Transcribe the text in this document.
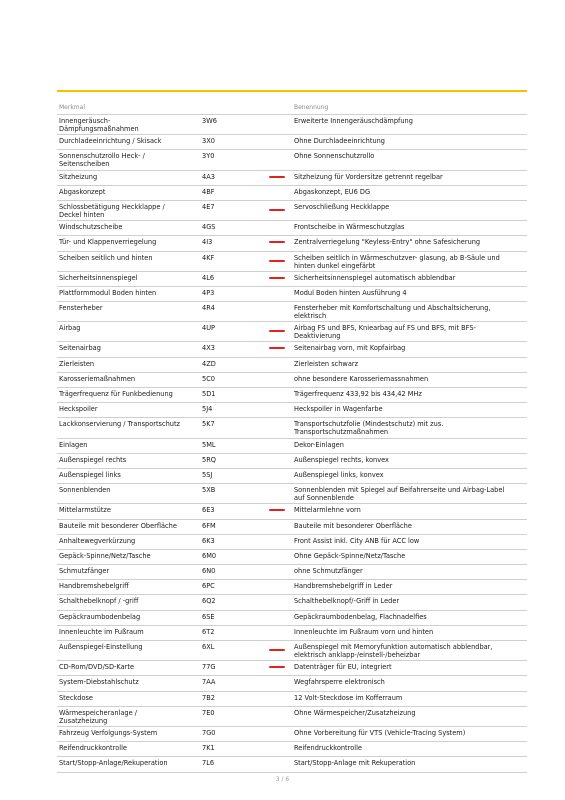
Merkmal	Benennung
Innengeräusch-
Dämpfungsmaßnahmen
3W6	Erweiterte Innengeräuschdämpfung
Durchladeeinrichtung / Skisack	3X0	Ohne Durchladeeinrichtung
Sonnenschutzrollo Heck- /
Seitenscheiben
3Y0	Ohne Sonnenschutzrollo
Sitzheizung	4A3	Sitzheizung für Vordersitze getrennt regelbar
Abgaskonzept	4BF	Abgaskonzept, EU6 DG
Schlossbetätigung Heckklappe /
Deckel hinten
4E7	Servoschließung Heckklappe
Windschutzscheibe	4GS	Frontscheibe in Wärmeschutzglas
Tür- und Klappenverriegelung	4I3	Zentralverriegelung "Keyless-Entry" ohne Safesicherung
Scheiben seitlich und hinten	4KF	Scheiben seitlich in Wärmeschutzver- glasung, ab B-Säule und
hinten dunkel eingefärbt
Sicherheitsinnenspiegel	4L6	Sicherheitsinnenspiegel automatisch abblendbar
Plattformmodul Boden hinten	4P3	Modul Boden hinten Ausführung 4
Fensterheber	4R4	Fensterheber mit Komfortschaltung und Abschaltsicherung,
elektrisch
Airbag	4UP	Airbag FS und BFS, Kniearbag auf FS und BFS, mit BFS-
Deaktivierung
Seitenairbag	4X3	Seitenairbag vorn, mit Kopfairbag
Zierleisten	4ZD	Zierleisten schwarz
Karosseriemaßnahmen	5C0	ohne besondere Karosseriemassnahmen
Trägerfrequenz für Funkbedienung	5D1	Trägerfrequenz 433,92 bis 434,42 MHz
Heckspoiler	5J4	Heckspoiler in Wagenfarbe
Lackkonservierung / Transportschutz	5K7	Transportschutzfolie (Mindestschutz) mit zus.
Transportschutzmaßnahmen
Einlagen	5ML	Dekor-Einlagen
Außenspiegel rechts	5RQ	Außenspiegel rechts, konvex
Außenspiegel links	5SJ	Außenspiegel links, konvex
Sonnenblenden	5XB	Sonnenblenden mit Spiegel auf Beifahrerseite und Airbag-Label
auf Sonnenblende
Mittelarmstütze	6E3	Mittelarmlehne vorn
Bauteile mit besonderer Oberfläche	6FM	Bauteile mit besonderer Oberfläche
Anhaltewegverkürzung	6K3	Front Assist inkl. City ANB für ACC low
Gepäck-Spinne/Netz/Tasche	6M0	Ohne Gepäck-Spinne/Netz/Tasche
Schmutzfänger	6N0	ohne Schmutzfänger
Handbremshebelgriff	6PC	Handbremshebelgriff in Leder
Schalthebelknopf / -griff	6Q2	Schalthebelknopf/-Griff in Leder
Gepäckraumbodenbelag	6SE	Gepäckraumbodenbelag, Flachnadelfies
Innenleuchte im Fußraum	6T2	Innenleuchte im Fußraum vorn und hinten
Außenspiegel-Einstellung	6XL	Außenspiegel mit Memoryfunktion automatisch abblendbar,
elektrisch anklapp-/einstell-/beheizbar
CD-Rom/DVD/SD-Karte	77G	Datenträger für EU, integriert
System-Diebstahlschutz	7AA	Wegfahrsperre elektronisch
Steckdose	7B2	12 Volt-Steckdose im Kofferraum
Wärmespeicheranlage /
Zusatzheizung
7E0	Ohne Wärmespeicher/Zusatzheizung
Fahrzeug Verfolgungs-System	7G0	Ohne Vorbereitung für VTS (Vehicle-Tracing System)
Reifendruckkontrolle	7K1	Reifendruckkontrolle
Start/Stopp-Anlage/Rekuperation	7L6	Start/Stopp-Anlage mit Rekuperation
3 / 6
